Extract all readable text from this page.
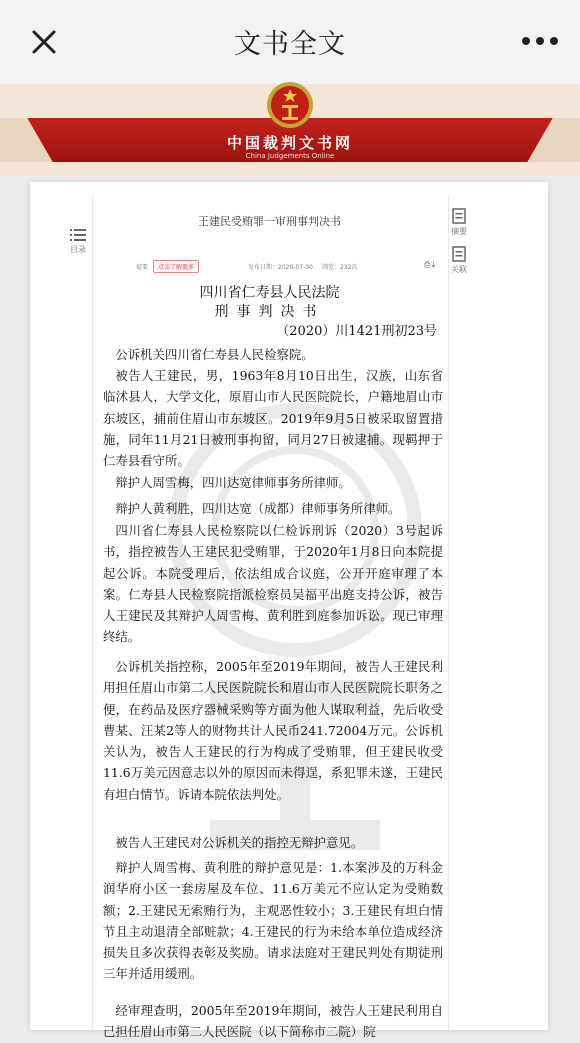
文书全文
中国裁判文书网
China Judgements Online
王建民受贿罪一审刑事判决书
目录
摘要
关联
提要	点击了解更多	发布日期：2020-07-30 浏览：232次	⎙⤓
四川省仁寿县人民法院
刑事判决书
（2020）川1421刑初23号

公诉机关四川省仁寿县人民检察院。

被告人王建民，男，1963年8月10日出生，汉族，山东省临沭县人，大学文化，原眉山市人民医院院长，户籍地眉山市东坡区，捕前住眉山市东坡区。2019年9月5日被采取留置措施，同年11月21日被刑事拘留，同月27日被逮捕。现羁押于仁寿县看守所。

辩护人周雪梅，四川达宽律师事务所律师。

辩护人黄利胜，四川达宽（成都）律师事务所律师。

四川省仁寿县人民检察院以仁检诉刑诉（2020）3号起诉书，指控被告人王建民犯受贿罪，于2020年1月8日向本院提起公诉。本院受理后，依法组成合议庭，公开开庭审理了本案。仁寿县人民检察院指派检察员吴福平出庭支持公诉，被告人王建民及其辩护人周雪梅、黄利胜到庭参加诉讼。现已审理终结。

公诉机关指控称，2005年至2019年期间，被告人王建民利用担任眉山市第二人民医院院长和眉山市人民医院院长职务之便，在药品及医疗器械采购等方面为他人谋取利益，先后收受曹某、汪某2等人的财物共计人民币241.72004万元。公诉机关认为，被告人王建民的行为构成了受贿罪，但王建民收受11.6万美元因意志以外的原因而未得逞，系犯罪未遂，王建民有坦白情节。诉请本院依法判处。

被告人王建民对公诉机关的指控无辩护意见。

辩护人周雪梅、黄利胜的辩护意见是：1.本案涉及的万科金润华府小区一套房屋及车位、11.6万美元不应认定为受贿数额；2.王建民无索贿行为，主观恶性较小；3.王建民有坦白情节且主动退清全部赃款；4.王建民的行为未给本单位造成经济损失且多次获得表彰及奖励。请求法庭对王建民判处有期徒刑三年并适用缓刑。

经审理查明，2005年至2019年期间，被告人王建民利用自己担任眉山市第二人民医院（以下简称市二院）院
